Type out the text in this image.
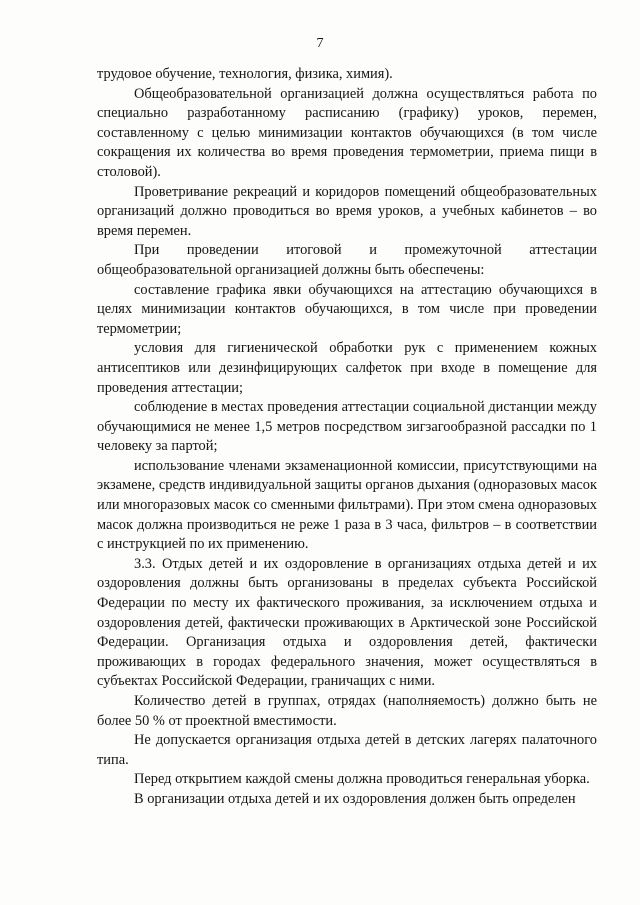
7

трудовое обучение, технология, физика, химия).

Общеобразовательной организацией должна осуществляться работа по специально разработанному расписанию (графику) уроков, перемен, составленному с целью минимизации контактов обучающихся (в том числе сокращения их количества во время проведения термометрии, приема пищи в столовой).

Проветривание рекреаций и коридоров помещений общеобразовательных организаций должно проводиться во время уроков, а учебных кабинетов – во время перемен.

При проведении итоговой и промежуточной аттестации общеобразовательной организацией должны быть обеспечены:

составление графика явки обучающихся на аттестацию обучающихся в целях минимизации контактов обучающихся, в том числе при проведении термометрии;

условия для гигиенической обработки рук с применением кожных антисептиков или дезинфицирующих салфеток при входе в помещение для проведения аттестации;

соблюдение в местах проведения аттестации социальной дистанции между обучающимися не менее 1,5 метров посредством зигзагообразной рассадки по 1 человеку за партой;

использование членами экзаменационной комиссии, присутствующими на экзамене, средств индивидуальной защиты органов дыхания (одноразовых масок или многоразовых масок со сменными фильтрами). При этом смена одноразовых масок должна производиться не реже 1 раза в 3 часа, фильтров – в соответствии с инструкцией по их применению.

3.3. Отдых детей и их оздоровление в организациях отдыха детей и их оздоровления должны быть организованы в пределах субъекта Российской Федерации по месту их фактического проживания, за исключением отдыха и оздоровления детей, фактически проживающих в Арктической зоне Российской Федерации. Организация отдыха и оздоровления детей, фактически проживающих в городах федерального значения, может осуществляться в субъектах Российской Федерации, граничащих с ними.

Количество детей в группах, отрядах (наполняемость) должно быть не более 50 % от проектной вместимости.

Не допускается организация отдыха детей в детских лагерях палаточного типа.

Перед открытием каждой смены должна проводиться генеральная уборка.

В организации отдыха детей и их оздоровления должен быть определен
